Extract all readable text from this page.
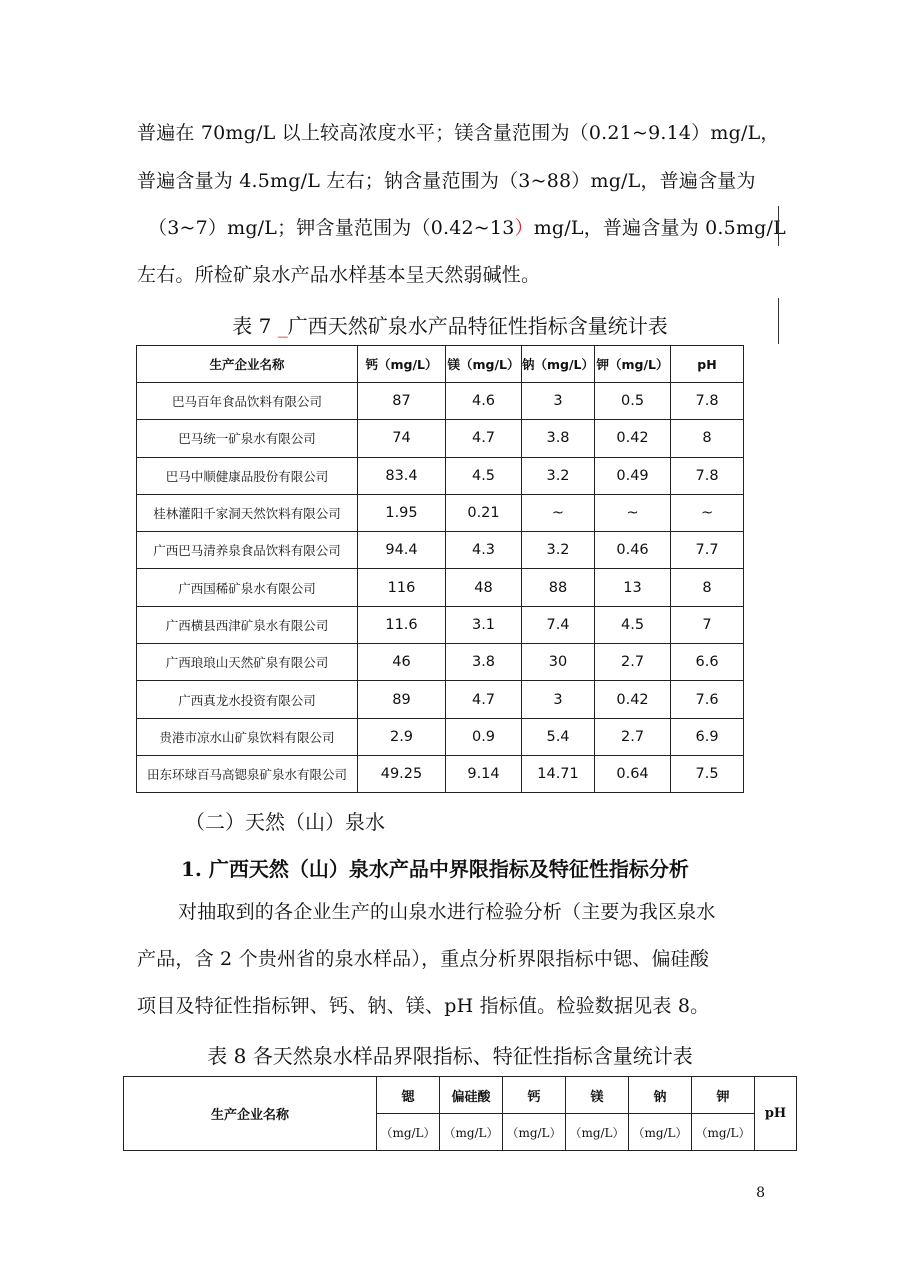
普遍在 70mg/L 以上较高浓度水平；镁含量范围为（0.21~9.14）mg/L，
普遍含量为 4.5mg/L 左右；钠含量范围为（3~88）mg/L，普遍含量为
（3~7）mg/L；钾含量范围为（0.42~13）mg/L，普遍含量为 0.5mg/L
左右。所检矿泉水产品水样基本呈天然弱碱性。
表 7 _广西天然矿泉水产品特征性指标含量统计表
生产企业名称	钙（mg/L）	镁（mg/L）	钠（mg/L）	钾（mg/L）	pH
巴马百年食品饮料有限公司	87	4.6	3	0.5	7.8
巴马统一矿泉水有限公司	74	4.7	3.8	0.42	8
巴马中顺健康品股份有限公司	83.4	4.5	3.2	0.49	7.8
桂林灌阳千家洞天然饮料有限公司	1.95	0.21	~	~	~
广西巴马清养泉食品饮料有限公司	94.4	4.3	3.2	0.46	7.7
广西国稀矿泉水有限公司	116	48	88	13	8
广西横县西津矿泉水有限公司	11.6	3.1	7.4	4.5	7
广西琅琅山天然矿泉有限公司	46	3.8	30	2.7	6.6
广西真龙水投资有限公司	89	4.7	3	0.42	7.6
贵港市凉水山矿泉饮料有限公司	2.9	0.9	5.4	2.7	6.9
田东环球百马高锶泉矿泉水有限公司	49.25	9.14	14.71	0.64	7.5
（二）天然（山）泉水
1. 广西天然（山）泉水产品中界限指标及特征性指标分析
对抽取到的各企业生产的山泉水进行检验分析（主要为我区泉水
产品，含 2 个贵州省的泉水样品），重点分析界限指标中锶、偏硅酸
项目及特征性指标钾、钙、钠、镁、pH 指标值。检验数据见表 8。
表 8 各天然泉水样品界限指标、特征性指标含量统计表
生产企业名称	锶	偏硅酸	钙	镁	钠	钾	pH
	（mg/L）	（mg/L）	（mg/L）	（mg/L）	（mg/L）	（mg/L）	
8
